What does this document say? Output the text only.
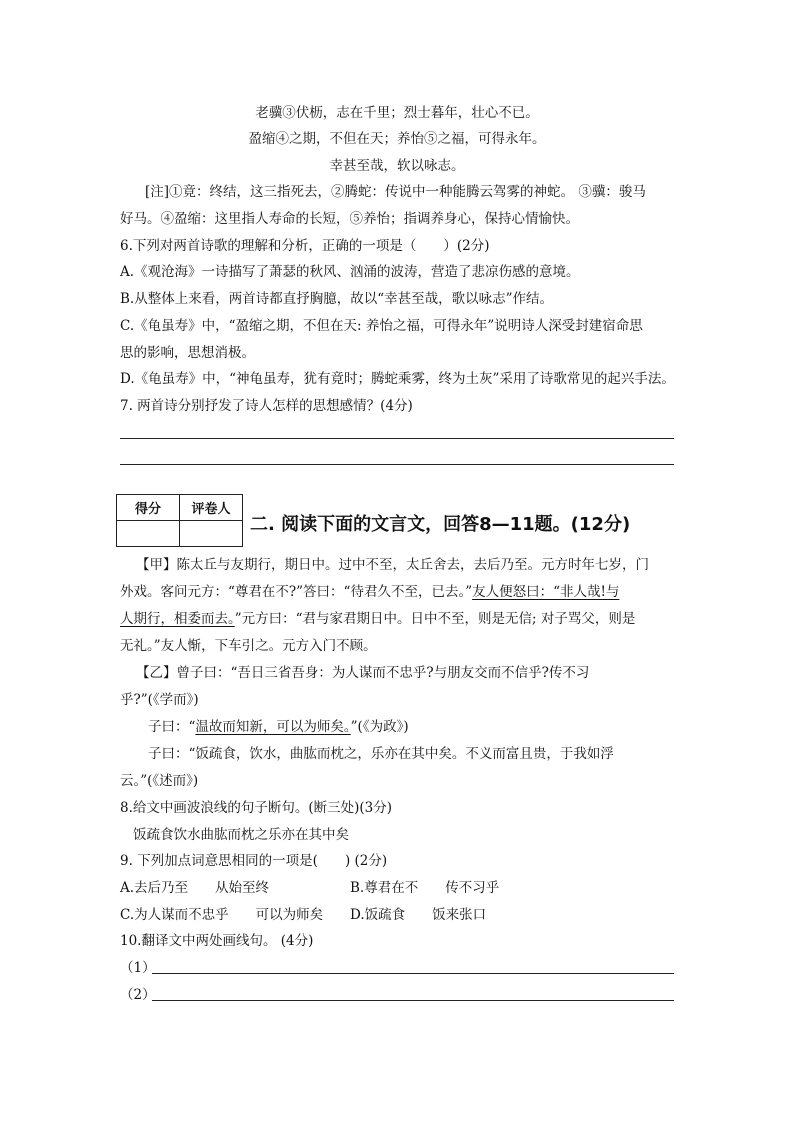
老骥③伏枥，志在千里；烈士暮年，壮心不已。
盈缩④之期，不但在天；养怡⑤之福，可得永年。
幸甚至哉，软以咏志。
[注]①竟：终结，这三指死去，②腾蛇：传说中一种能腾云驾雾的神蛇。 ③骥：骏马
好马。④盈缩：这里指人寿命的长短，⑤养怡；指调养身心，保持心情愉快。
6.下列对两首诗歌的理解和分析，正确的一项是（　　）(2分)
A.《观沧海》一诗描写了萧瑟的秋风、汹涌的波涛，营造了悲凉伤感的意境。
B.从整体上来看，两首诗都直抒胸臆，故以“幸甚至哉，歌以咏志”作结。
C.《龟虽寿》中，“盈缩之期，不但在天: 养怡之福，可得永年”说明诗人深受封建宿命思
思的影响，思想消极。
D.《龟虽寿》中，“神龟虽寿，犹有竟时；腾蛇乘雾，终为土灰”采用了诗歌常见的起兴手法。
7. 两首诗分别抒发了诗人怎样的思想感情？(4分)
得分	评卷人

二. 阅读下面的文言文，回答8—11题。(12分)
【甲】陈太丘与友期行，期日中。过中不至，太丘舍去，去后乃至。元方时年七岁，门
外戏。客问元方：“尊君在不?”答曰：“待君久不至，已去。”友人便怒曰：“非人哉!与
人期行，相委而去。”元方曰：“君与家君期日中。日中不至，则是无信; 对子骂父，则是
无礼。”友人惭，下车引之。元方入门不顾。
【乙】曾子曰：“吾日三省吾身：为人谋而不忠乎?与朋友交而不信乎?传不习
乎?”(《学而》)
子曰：“温故而知新，可以为师矣。”(《为政》)
子曰：“饭疏食，饮水，曲肱而枕之，乐亦在其中矣。不义而富且贵，于我如浮
云。”(《述而》)
8.给文中画波浪线的句子断句。(断三处)(3分)
饭疏食饮水曲肱而枕之乐亦在其中矣
9. 下列加点词意思相同的一项是(　　) (2分)
A.去后乃至　　从始至终	B.尊君在不　　传不习乎
C.为人谋而不忠乎　　可以为师矣 D.饭疏食　　饭来张口
10.翻译文中两处画线句。 (4分)
（1）
（2）
